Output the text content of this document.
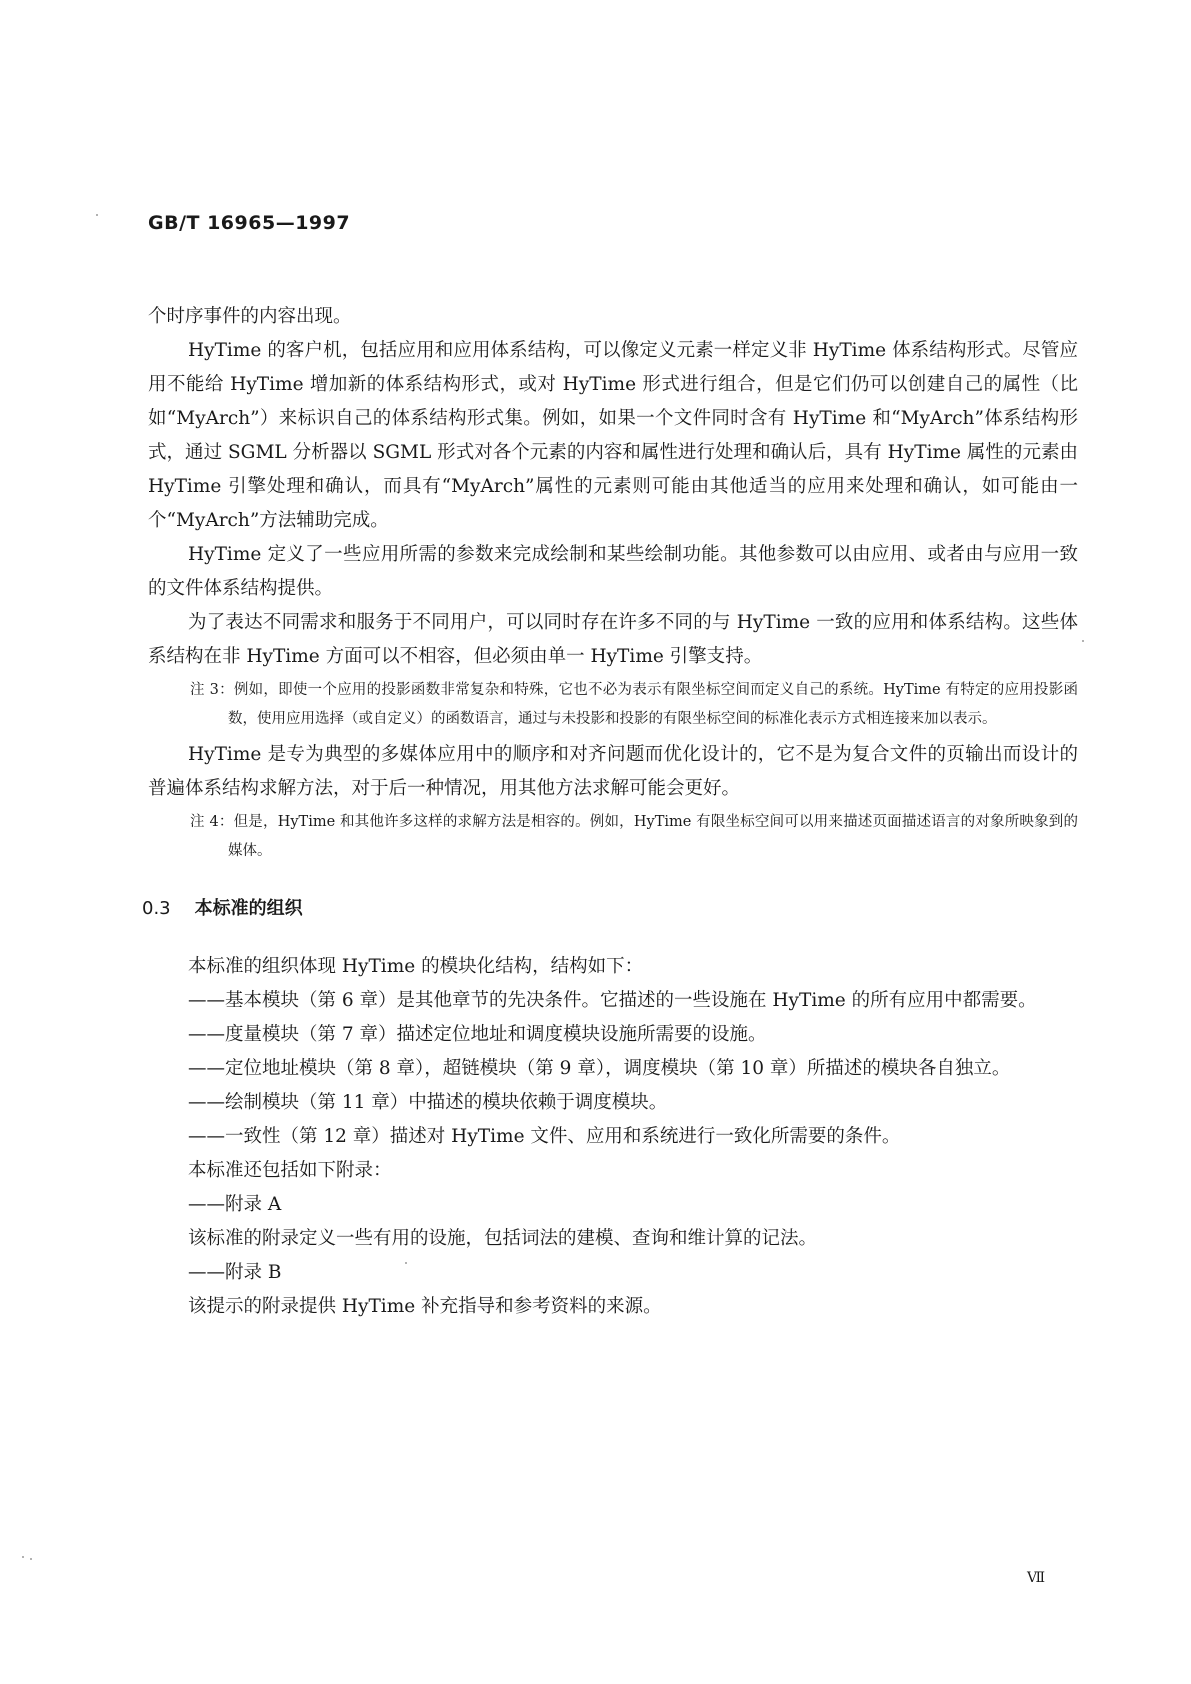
GB/T 16965—1997

个时序事件的内容出现。

HyTime 的客户机，包括应用和应用体系结构，可以像定义元素一样定义非 HyTime 体系结构形式。尽管应用不能给 HyTime 增加新的体系结构形式，或对 HyTime 形式进行组合，但是它们仍可以创建自己的属性（比如“MyArch”）来标识自己的体系结构形式集。例如，如果一个文件同时含有 HyTime 和“MyArch”体系结构形式，通过 SGML 分析器以 SGML 形式对各个元素的内容和属性进行处理和确认后，具有 HyTime 属性的元素由 HyTime 引擎处理和确认，而具有“MyArch”属性的元素则可能由其他适当的应用来处理和确认，如可能由一个“MyArch”方法辅助完成。

HyTime 定义了一些应用所需的参数来完成绘制和某些绘制功能。其他参数可以由应用、或者由与应用一致的文件体系结构提供。

为了表达不同需求和服务于不同用户，可以同时存在许多不同的与 HyTime 一致的应用和体系结构。这些体系结构在非 HyTime 方面可以不相容，但必须由单一 HyTime 引擎支持。

注 3：例如，即使一个应用的投影函数非常复杂和特殊，它也不必为表示有限坐标空间而定义自己的系统。HyTime 有特定的应用投影函数，使用应用选择（或自定义）的函数语言，通过与未投影和投影的有限坐标空间的标准化表示方式相连接来加以表示。

HyTime 是专为典型的多媒体应用中的顺序和对齐问题而优化设计的，它不是为复合文件的页输出而设计的普遍体系结构求解方法，对于后一种情况，用其他方法求解可能会更好。

注 4：但是，HyTime 和其他许多这样的求解方法是相容的。例如，HyTime 有限坐标空间可以用来描述页面描述语言的对象所映象到的媒体。

0.3 本标准的组织

本标准的组织体现 HyTime 的模块化结构，结构如下：

——基本模块（第 6 章）是其他章节的先决条件。它描述的一些设施在 HyTime 的所有应用中都需要。

——度量模块（第 7 章）描述定位地址和调度模块设施所需要的设施。

——定位地址模块（第 8 章），超链模块（第 9 章），调度模块（第 10 章）所描述的模块各自独立。

——绘制模块（第 11 章）中描述的模块依赖于调度模块。

——一致性（第 12 章）描述对 HyTime 文件、应用和系统进行一致化所需要的条件。

本标准还包括如下附录：

——附录 A

该标准的附录定义一些有用的设施，包括词法的建模、查询和维计算的记法。

——附录 B

该提示的附录提供 HyTime 补充指导和参考资料的来源。

Ⅶ
